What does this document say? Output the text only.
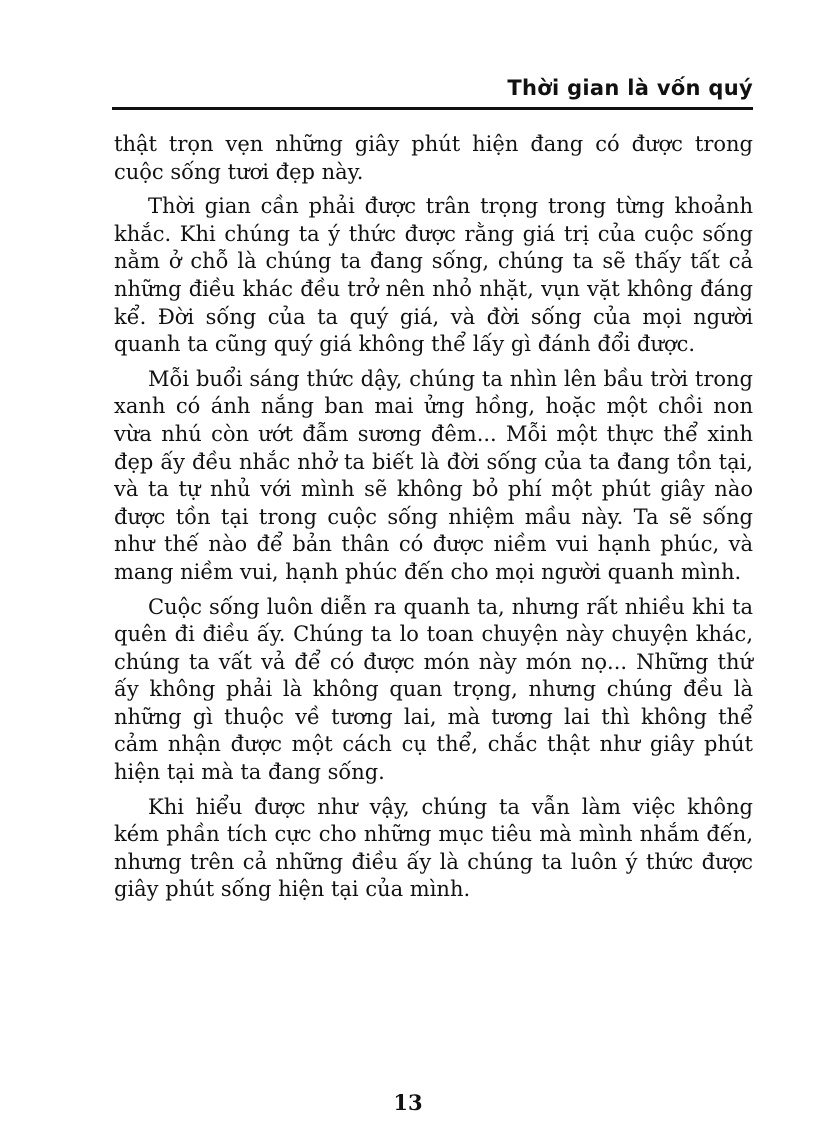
Thời gian là vốn quý

thật trọn vẹn những giây phút hiện đang có được trong cuộc sống tươi đẹp này.

Thời gian cần phải được trân trọng trong từng khoảnh khắc. Khi chúng ta ý thức được rằng giá trị của cuộc sống nằm ở chỗ là chúng ta đang sống, chúng ta sẽ thấy tất cả những điều khác đều trở nên nhỏ nhặt, vụn vặt không đáng kể. Đời sống của ta quý giá, và đời sống của mọi người quanh ta cũng quý giá không thể lấy gì đánh đổi được.

Mỗi buổi sáng thức dậy, chúng ta nhìn lên bầu trời trong xanh có ánh nắng ban mai ửng hồng, hoặc một chồi non vừa nhú còn ướt đẫm sương đêm... Mỗi một thực thể xinh đẹp ấy đều nhắc nhở ta biết là đời sống của ta đang tồn tại, và ta tự nhủ với mình sẽ không bỏ phí một phút giây nào được tồn tại trong cuộc sống nhiệm mầu này. Ta sẽ sống như thế nào để bản thân có được niềm vui hạnh phúc, và mang niềm vui, hạnh phúc đến cho mọi người quanh mình.

Cuộc sống luôn diễn ra quanh ta, nhưng rất nhiều khi ta quên đi điều ấy. Chúng ta lo toan chuyện này chuyện khác, chúng ta vất vả để có được món này món nọ... Những thứ ấy không phải là không quan trọng, nhưng chúng đều là những gì thuộc về tương lai, mà tương lai thì không thể cảm nhận được một cách cụ thể, chắc thật như giây phút hiện tại mà ta đang sống.

Khi hiểu được như vậy, chúng ta vẫn làm việc không kém phần tích cực cho những mục tiêu mà mình nhắm đến, nhưng trên cả những điều ấy là chúng ta luôn ý thức được giây phút sống hiện tại của mình.

13
